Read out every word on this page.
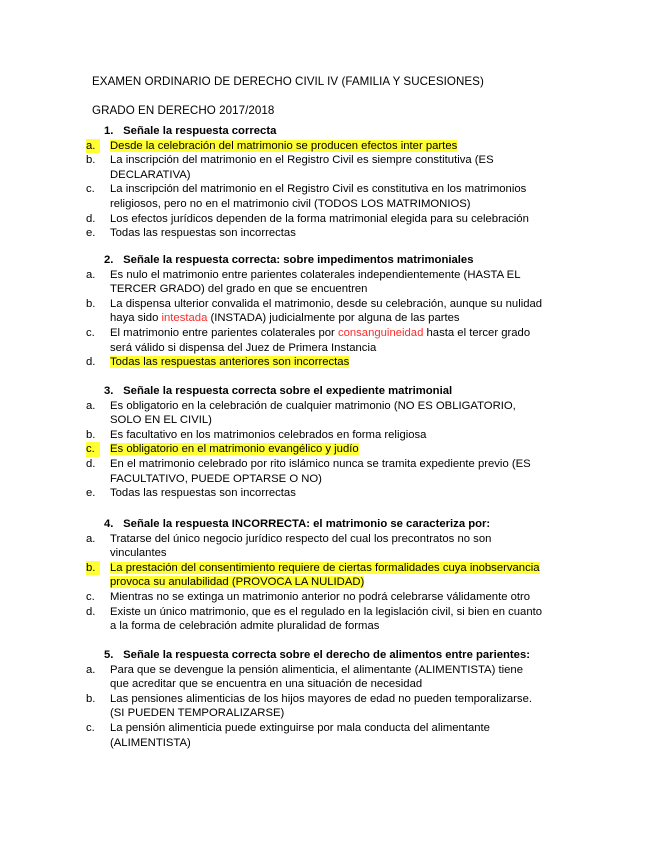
EXAMEN ORDINARIO DE DERECHO CIVIL IV (FAMILIA Y SUCESIONES)
GRADO EN DERECHO 2017/2018
1. Señale la respuesta correcta
a.	Desde la celebración del matrimonio se producen efectos inter partes
b.	La inscripción del matrimonio en el Registro Civil es siempre constitutiva (ES
DECLARATIVA)
c.	La inscripción del matrimonio en el Registro Civil es constitutiva en los matrimonios
religiosos, pero no en el matrimonio civil (TODOS LOS MATRIMONIOS)
d.	Los efectos jurídicos dependen de la forma matrimonial elegida para su celebración
e.	Todas las respuestas son incorrectas
2. Señale la respuesta correcta: sobre impedimentos matrimoniales
a.	Es nulo el matrimonio entre parientes colaterales independientemente (HASTA EL
TERCER GRADO) del grado en que se encuentren
b.	La dispensa ulterior convalida el matrimonio, desde su celebración, aunque su nulidad
haya sido intestada (INSTADA) judicialmente por alguna de las partes
c.	El matrimonio entre parientes colaterales por consanguineidad hasta el tercer grado
será válido si dispensa del Juez de Primera Instancia
d.	Todas las respuestas anteriores son incorrectas
3. Señale la respuesta correcta sobre el expediente matrimonial
a.	Es obligatorio en la celebración de cualquier matrimonio (NO ES OBLIGATORIO,
SOLO EN EL CIVIL)
b.	Es facultativo en los matrimonios celebrados en forma religiosa
c.	Es obligatorio en el matrimonio evangélico y judío
d.	En el matrimonio celebrado por rito islámico nunca se tramita expediente previo (ES
FACULTATIVO, PUEDE OPTARSE O NO)
e.	Todas las respuestas son incorrectas
4. Señale la respuesta INCORRECTA: el matrimonio se caracteriza por:
a.	Tratarse del único negocio jurídico respecto del cual los precontratos no son
vinculantes
b.	La prestación del consentimiento requiere de ciertas formalidades cuya inobservancia
provoca su anulabilidad (PROVOCA LA NULIDAD)
c.	Mientras no se extinga un matrimonio anterior no podrá celebrarse válidamente otro
d.	Existe un único matrimonio, que es el regulado en la legislación civil, si bien en cuanto
a la forma de celebración admite pluralidad de formas
5. Señale la respuesta correcta sobre el derecho de alimentos entre parientes:
a.	Para que se devengue la pensión alimenticia, el alimentante (ALIMENTISTA) tiene
que acreditar que se encuentra en una situación de necesidad
b.	Las pensiones alimenticias de los hijos mayores de edad no pueden temporalizarse.
(SI PUEDEN TEMPORALIZARSE)
c.	La pensión alimenticia puede extinguirse por mala conducta del alimentante
(ALIMENTISTA)
